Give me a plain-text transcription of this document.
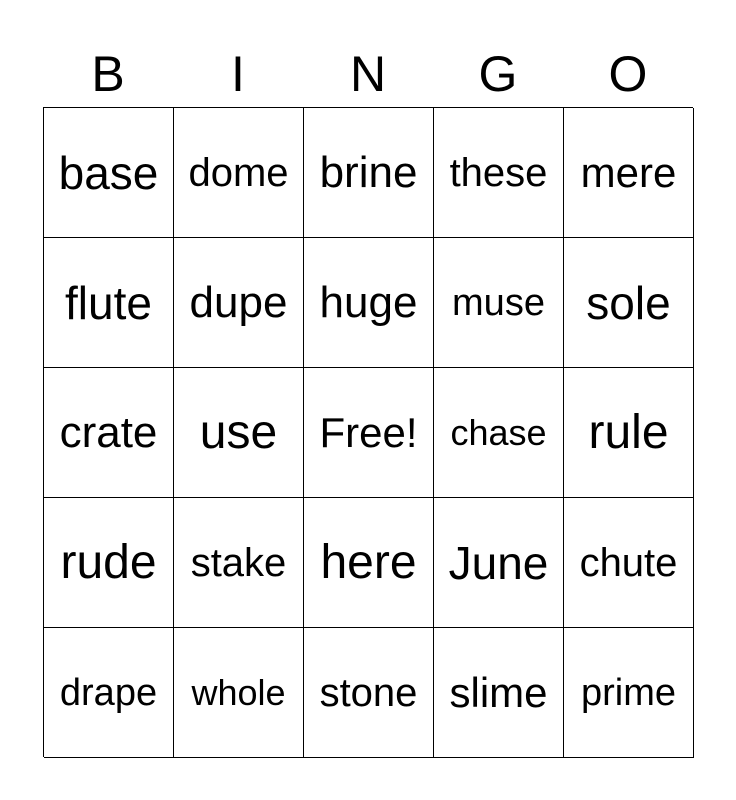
B	I	N	G	O
base dome brine these mere
flute dupe huge muse sole
crate use	Free! chase rule
rude stake here June chute
drape whole stone slime prime
